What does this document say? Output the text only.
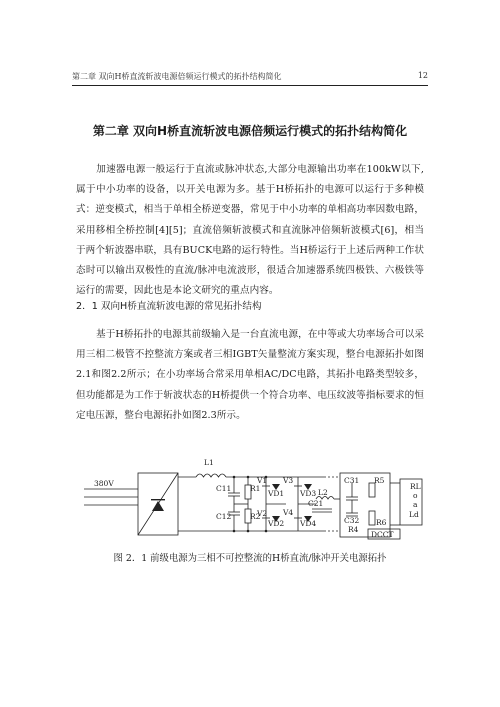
第二章 双向H桥直流斩波电源倍频运行模式的拓扑结构简化	12
第二章 双向H桥直流斩波电源倍频运行模式的拓扑结构简化
加速器电源一般运行于直流或脉冲状态,大部分电源输出功率在100kW以下,属于中小功率的设备，以开关电源为多。基于H桥拓扑的电源可以运行于多种模式：逆变模式，相当于单相全桥逆变器，常见于中小功率的单相高功率因数电路，采用移相全桥控制[4][5]；直流倍频斩波模式和直流脉冲倍频斩波模式[6]，相当于两个斩波器串联，具有BUCK电路的运行特性。当H桥运行于上述后两种工作状态时可以输出双极性的直流/脉冲电流波形，很适合加速器系统四极铁、六极铁等运行的需要，因此也是本论文研究的重点内容。
2．1 双向H桥直流斩波电源的常见拓扑结构
基于H桥拓扑的电源其前级输入是一台直流电源，在中等或大功率场合可以采用三相二极管不控整流方案或者三相IGBT矢量整流方案实现，整台电源拓扑如图2.1和图2.2所示；在小功率场合常采用单相AC/DC电路，其拓扑电路类型较多，但功能都是为工作于斩波状态的H桥提供一个符合功率、电压纹波等指标要求的恒定电压源，整台电源拓扑如图2.3所示。
380V
L1
C11
C12
R1
R2
V1
V2
V3
V4
VD1
VD2
VD3
VD4
L2
C21
C31
C32
R4
R5
R6
DCCT
RL
o
a
Ld
图 2．1 前级电源为三相不可控整流的H桥直流/脉冲开关电源拓扑
